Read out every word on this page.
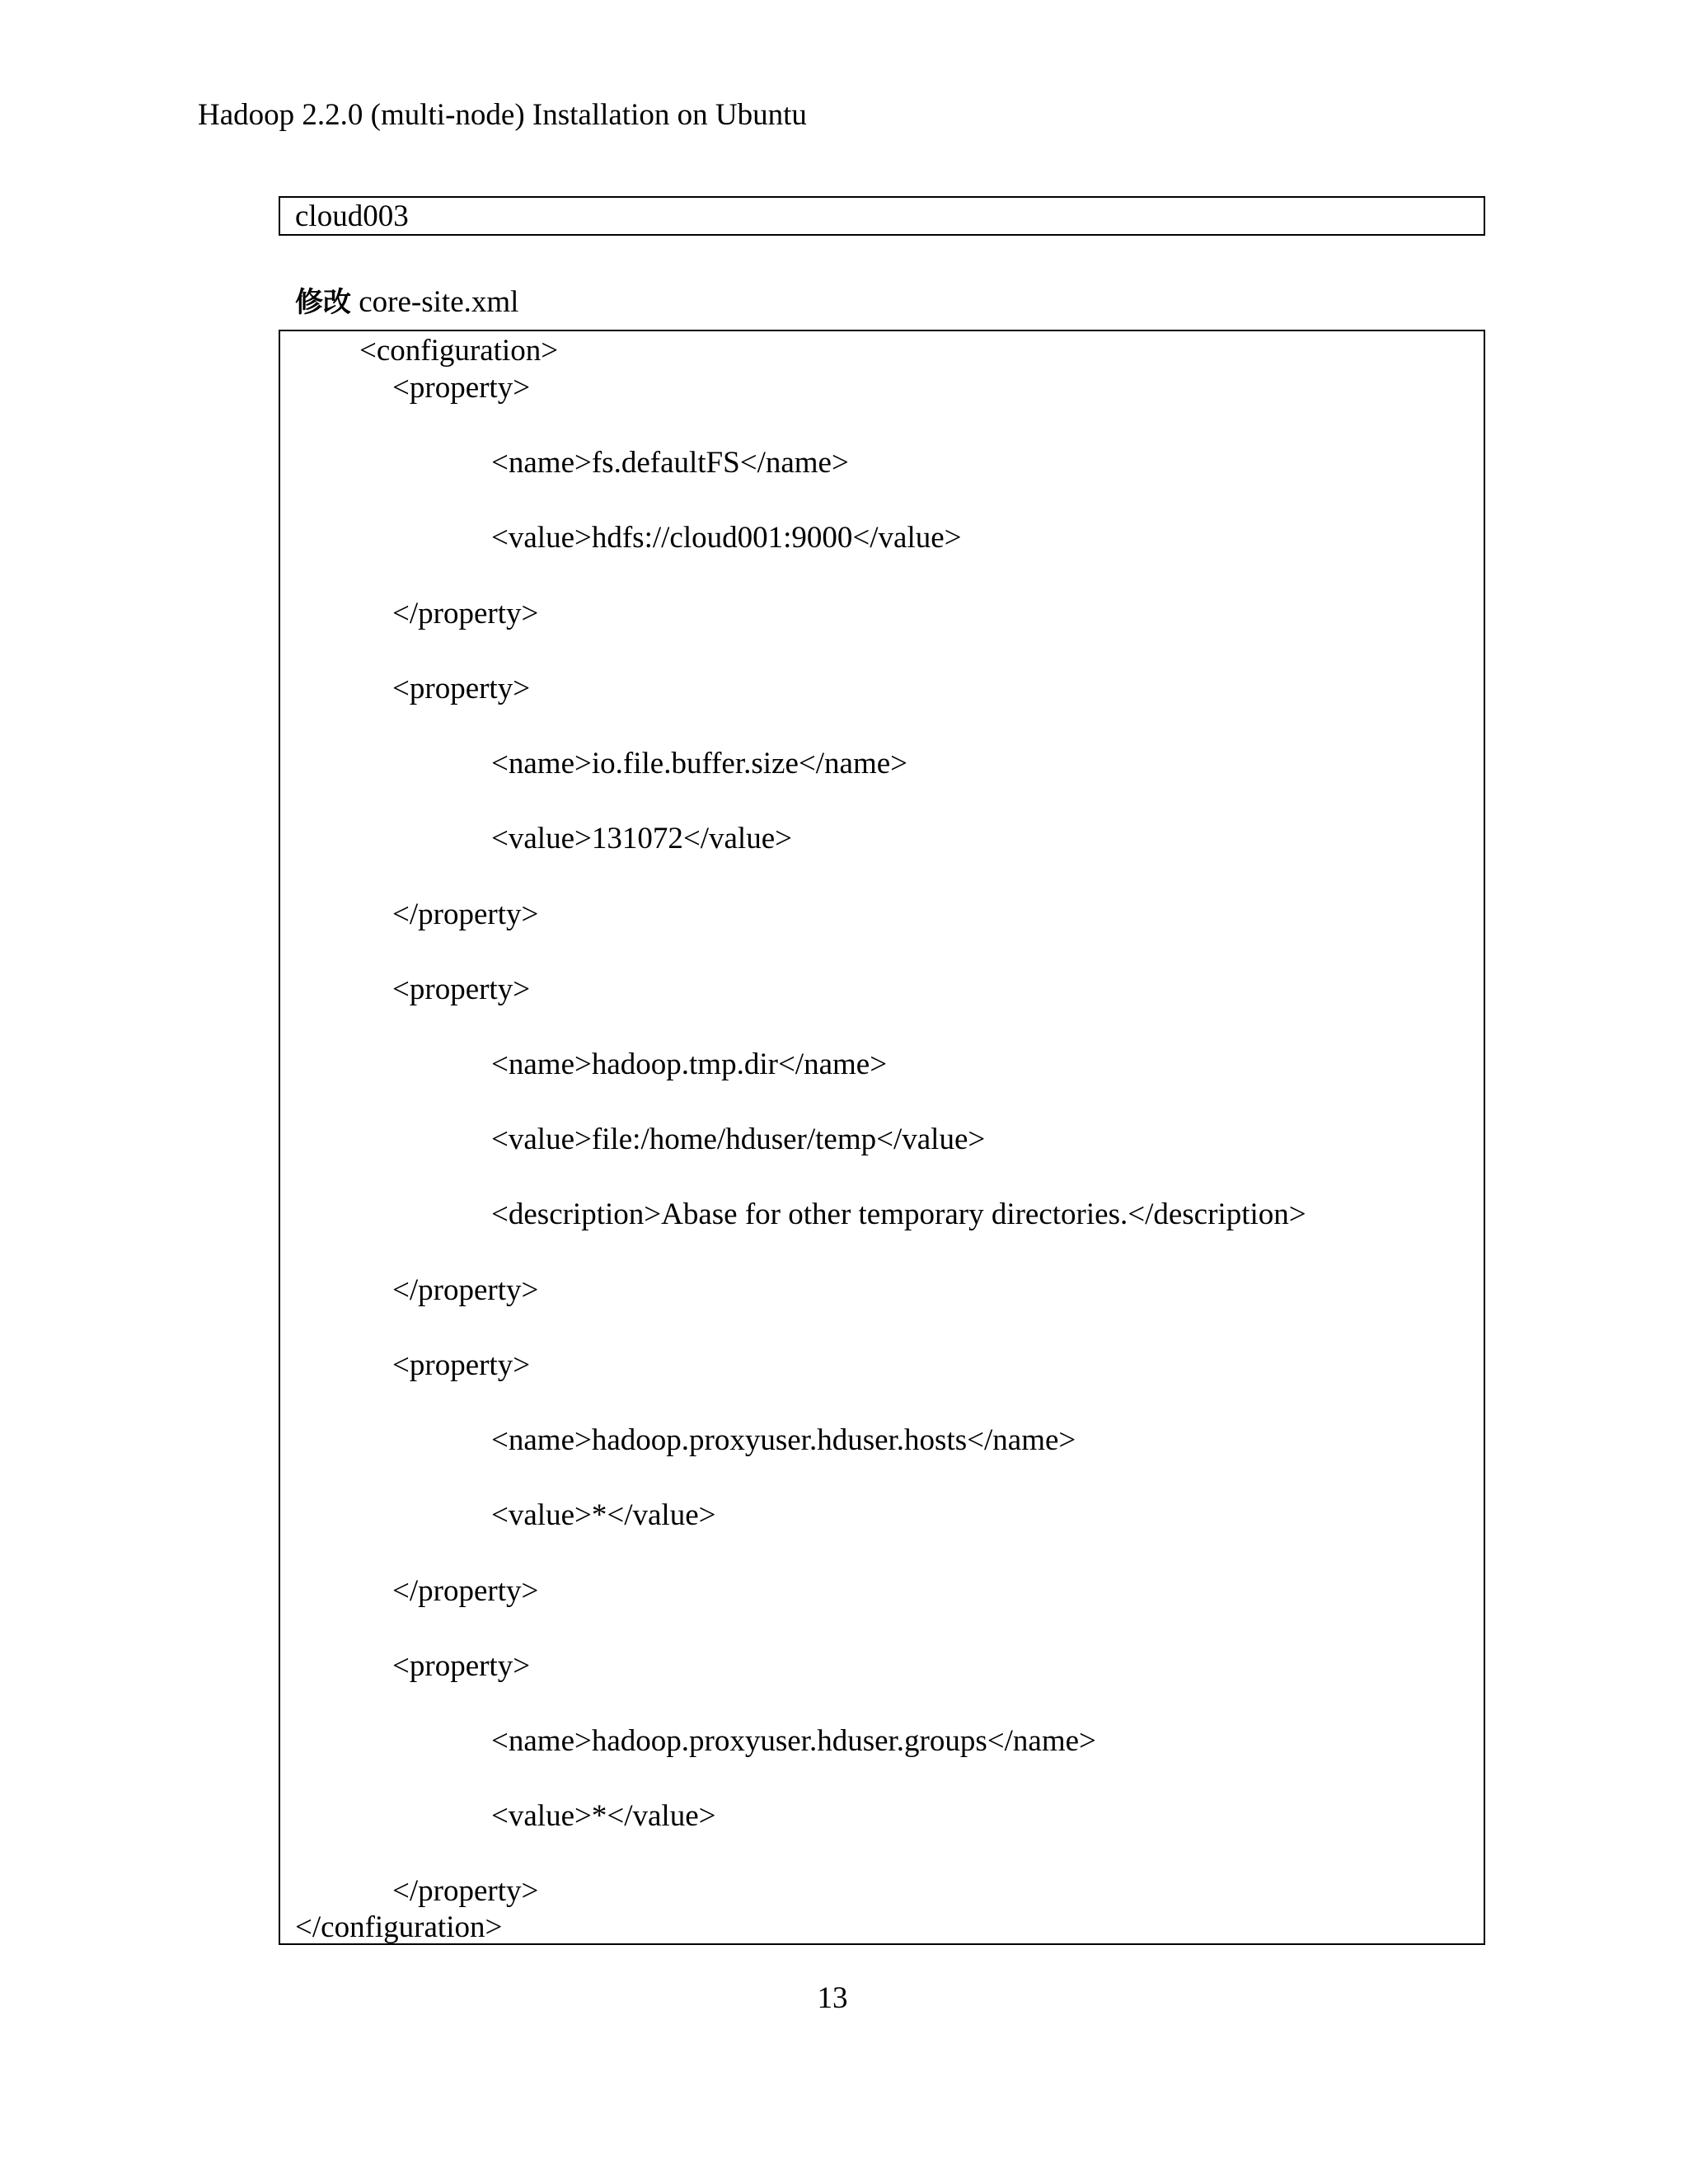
Hadoop 2.2.0 (multi-node) Installation on Ubuntu
cloud003
修改 core-site.xml
<configuration>
<property>
<name>fs.defaultFS</name>
<value>hdfs://cloud001:9000</value>
</property>
<property>
<name>io.file.buffer.size</name>
<value>131072</value>
</property>
<property>
<name>hadoop.tmp.dir</name>
<value>file:/home/hduser/temp</value>
<description>Abase for other temporary directories.</description>
</property>
<property>
<name>hadoop.proxyuser.hduser.hosts</name>
<value>*</value>
</property>
<property>
<name>hadoop.proxyuser.hduser.groups</name>
<value>*</value>
</property>
</configuration>
13
